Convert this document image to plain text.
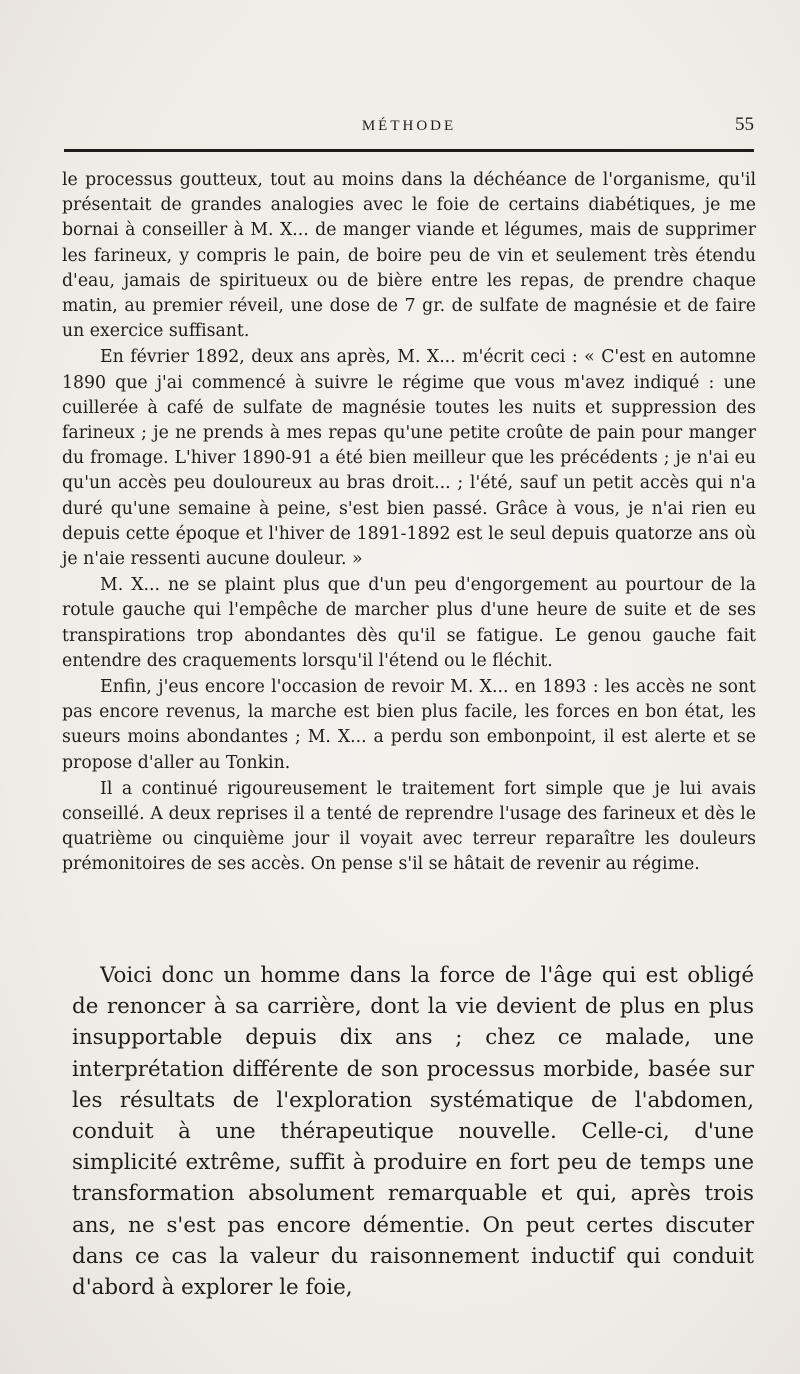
MÉTHODE	55

le processus goutteux, tout au moins dans la déchéance de l'organisme, qu'il présentait de grandes analogies avec le foie de certains diabétiques, je me bornai à conseiller à M. X... de manger viande et légumes, mais de supprimer les farineux, y compris le pain, de boire peu de vin et seulement très étendu d'eau, jamais de spiritueux ou de bière entre les repas, de prendre chaque matin, au premier réveil, une dose de 7 gr. de sulfate de magnésie et de faire un exercice suffisant.

En février 1892, deux ans après, M. X... m'écrit ceci : « C'est en automne 1890 que j'ai commencé à suivre le régime que vous m'avez indiqué : une cuillerée à café de sulfate de magnésie toutes les nuits et suppression des farineux ; je ne prends à mes repas qu'une petite croûte de pain pour manger du fromage. L'hiver 1890-91 a été bien meilleur que les précédents ; je n'ai eu qu'un accès peu douloureux au bras droit... ; l'été, sauf un petit accès qui n'a duré qu'une semaine à peine, s'est bien passé. Grâce à vous, je n'ai rien eu depuis cette époque et l'hiver de 1891-1892 est le seul depuis quatorze ans où je n'aie ressenti aucune douleur. »

M. X... ne se plaint plus que d'un peu d'engorgement au pourtour de la rotule gauche qui l'empêche de marcher plus d'une heure de suite et de ses transpirations trop abondantes dès qu'il se fatigue. Le genou gauche fait entendre des craquements lorsqu'il l'étend ou le fléchit.

Enfin, j'eus encore l'occasion de revoir M. X... en 1893 : les accès ne sont pas encore revenus, la marche est bien plus facile, les forces en bon état, les sueurs moins abondantes ; M. X... a perdu son embonpoint, il est alerte et se propose d'aller au Tonkin.

Il a continué rigoureusement le traitement fort simple que je lui avais conseillé. A deux reprises il a tenté de reprendre l'usage des farineux et dès le quatrième ou cinquième jour il voyait avec terreur reparaître les douleurs prémonitoires de ses accès. On pense s'il se hâtait de revenir au régime.

Voici donc un homme dans la force de l'âge qui est obligé de renoncer à sa carrière, dont la vie devient de plus en plus insupportable depuis dix ans ; chez ce malade, une interprétation différente de son processus morbide, basée sur les résultats de l'exploration systématique de l'abdomen, conduit à une thérapeutique nouvelle. Celle-ci, d'une simplicité extrême, suffit à produire en fort peu de temps une transformation absolument remarquable et qui, après trois ans, ne s'est pas encore démentie. On peut certes discuter dans ce cas la valeur du raisonnement inductif qui conduit d'abord à explorer le foie,
